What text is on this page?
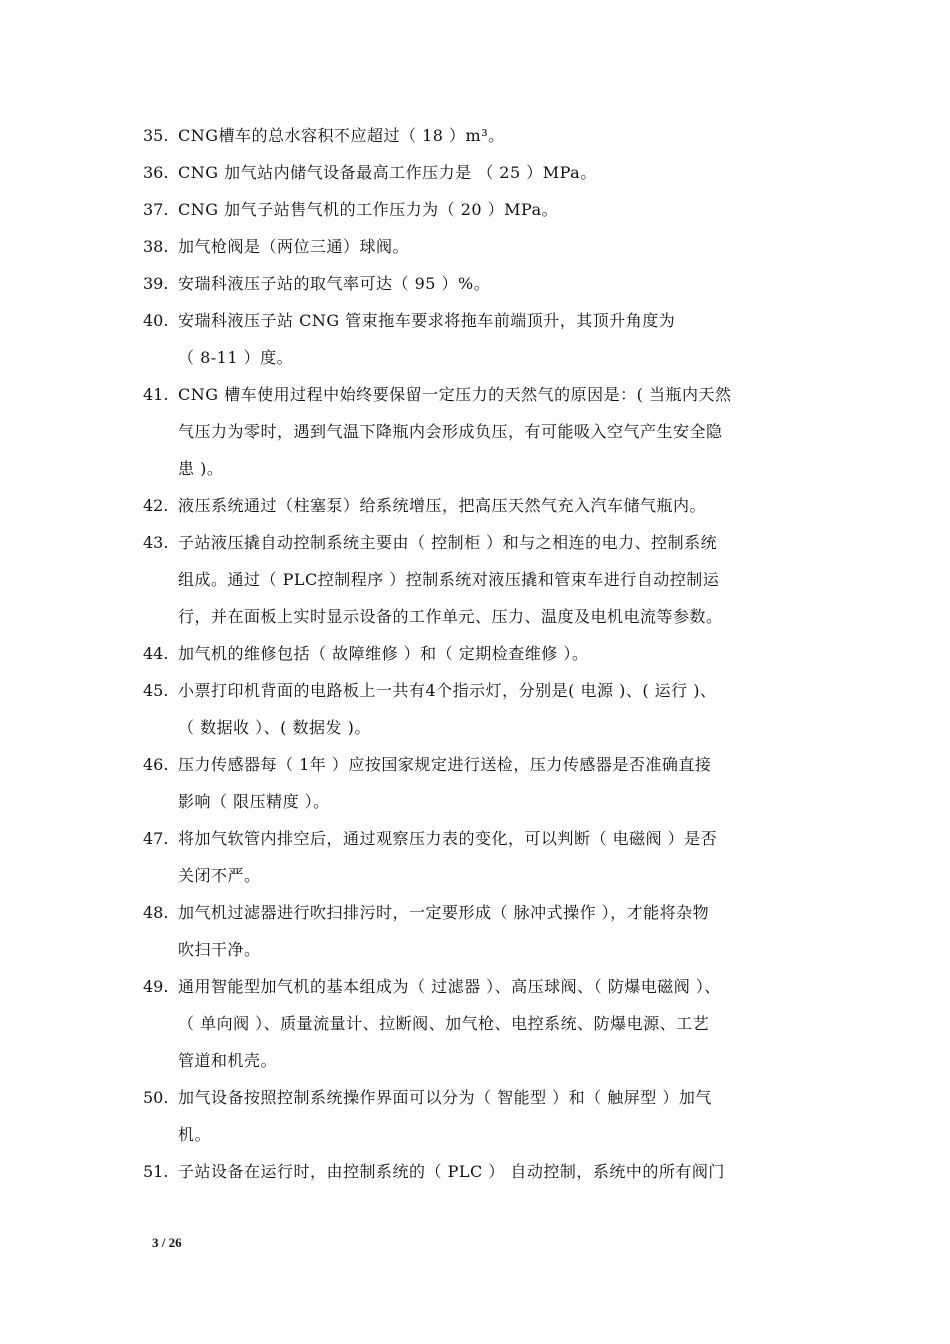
35. CNG槽车的总水容积不应超过（ 18 ）m³。
36. CNG 加气站内储气设备最高工作压力是 （ 25 ）MPa。
37. CNG 加气子站售气机的工作压力为（ 20 ）MPa。
38. 加气枪阀是（两位三通）球阀。
39. 安瑞科液压子站的取气率可达（ 95 ）%。
40. 安瑞科液压子站 CNG 管束拖车要求将拖车前端顶升，其顶升角度为
（ 8-11 ）度。
41. CNG 槽车使用过程中始终要保留一定压力的天然气的原因是：( 当瓶内天然
气压力为零时，遇到气温下降瓶内会形成负压，有可能吸入空气产生安全隐
患 )。
42. 液压系统通过（柱塞泵）给系统增压，把高压天然气充入汽车储气瓶内。
43. 子站液压撬自动控制系统主要由（ 控制柜 ）和与之相连的电力、控制系统
组成。通过（ PLC控制程序 ）控制系统对液压撬和管束车进行自动控制运
行，并在面板上实时显示设备的工作单元、压力、温度及电机电流等参数。
44. 加气机的维修包括（ 故障维修 ）和（ 定期检查维修 ）。
45. 小票打印机背面的电路板上一共有4个指示灯，分别是( 电源 )、( 运行 )、
（ 数据收 ）、( 数据发 )。
46. 压力传感器每（ 1年 ）应按国家规定进行送检，压力传感器是否准确直接
影响（ 限压精度 ）。
47. 将加气软管内排空后，通过观察压力表的变化，可以判断（ 电磁阀 ）是否
关闭不严。
48. 加气机过滤器进行吹扫排污时，一定要形成（ 脉冲式操作 ），才能将杂物
吹扫干净。
49. 通用智能型加气机的基本组成为（ 过滤器 ）、高压球阀、（ 防爆电磁阀 ）、
（ 单向阀 ）、质量流量计、拉断阀、加气枪、电控系统、防爆电源、工艺
管道和机壳。
50. 加气设备按照控制系统操作界面可以分为（ 智能型 ）和（ 触屏型 ）加气
机。
51. 子站设备在运行时，由控制系统的（ PLC ） 自动控制，系统中的所有阀门
3 / 26
